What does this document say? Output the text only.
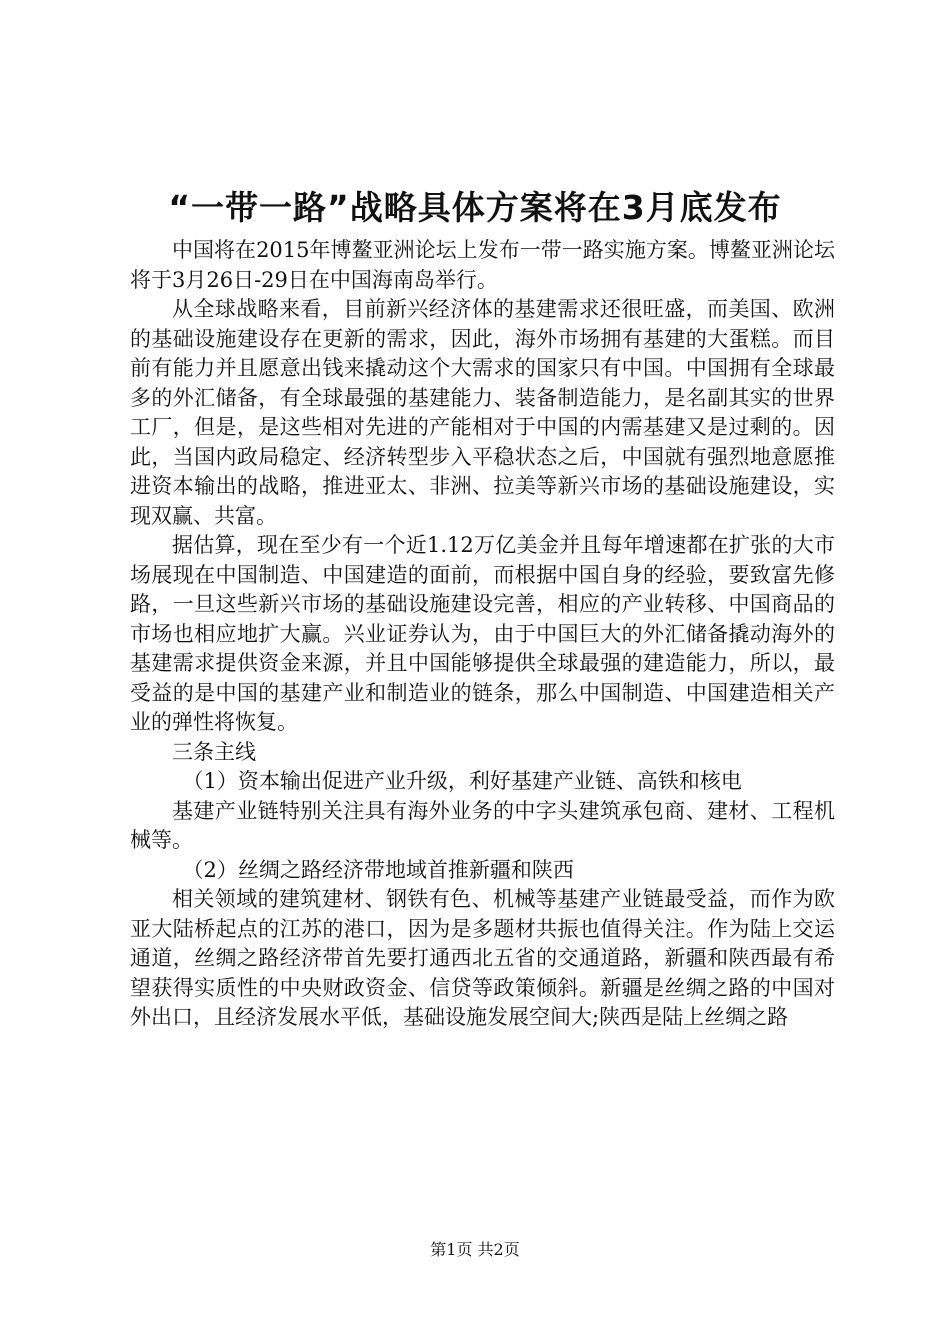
“一带一路”战略具体方案将在3月底发布

中国将在2015年博鳌亚洲论坛上发布一带一路实施方案。博鳌亚洲论坛将于3月26日-29日在中国海南岛举行。

从全球战略来看，目前新兴经济体的基建需求还很旺盛，而美国、欧洲的基础设施建设存在更新的需求，因此，海外市场拥有基建的大蛋糕。而目前有能力并且愿意出钱来撬动这个大需求的国家只有中国。中国拥有全球最多的外汇储备，有全球最强的基建能力、装备制造能力，是名副其实的世界工厂，但是，是这些相对先进的产能相对于中国的内需基建又是过剩的。因此，当国内政局稳定、经济转型步入平稳状态之后，中国就有强烈地意愿推进资本输出的战略，推进亚太、非洲、拉美等新兴市场的基础设施建设，实现双赢、共富。

据估算，现在至少有一个近1.12万亿美金并且每年增速都在扩张的大市场展现在中国制造、中国建造的面前，而根据中国自身的经验，要致富先修路，一旦这些新兴市场的基础设施建设完善，相应的产业转移、中国商品的市场也相应地扩大赢。兴业证券认为，由于中国巨大的外汇储备撬动海外的基建需求提供资金来源，并且中国能够提供全球最强的建造能力，所以，最受益的是中国的基建产业和制造业的链条，那么中国制造、中国建造相关产业的弹性将恢复。

三条主线

（1）资本输出促进产业升级，利好基建产业链、高铁和核电

基建产业链特别关注具有海外业务的中字头建筑承包商、建材、工程机械等。

（2）丝绸之路经济带地域首推新疆和陕西

相关领域的建筑建材、钢铁有色、机械等基建产业链最受益，而作为欧亚大陆桥起点的江苏的港口，因为是多题材共振也值得关注。作为陆上交运通道，丝绸之路经济带首先要打通西北五省的交通道路，新疆和陕西最有希望获得实质性的中央财政资金、信贷等政策倾斜。新疆是丝绸之路的中国对外出口，且经济发展水平低，基础设施发展空间大;陕西是陆上丝绸之路

第1页 共2页
